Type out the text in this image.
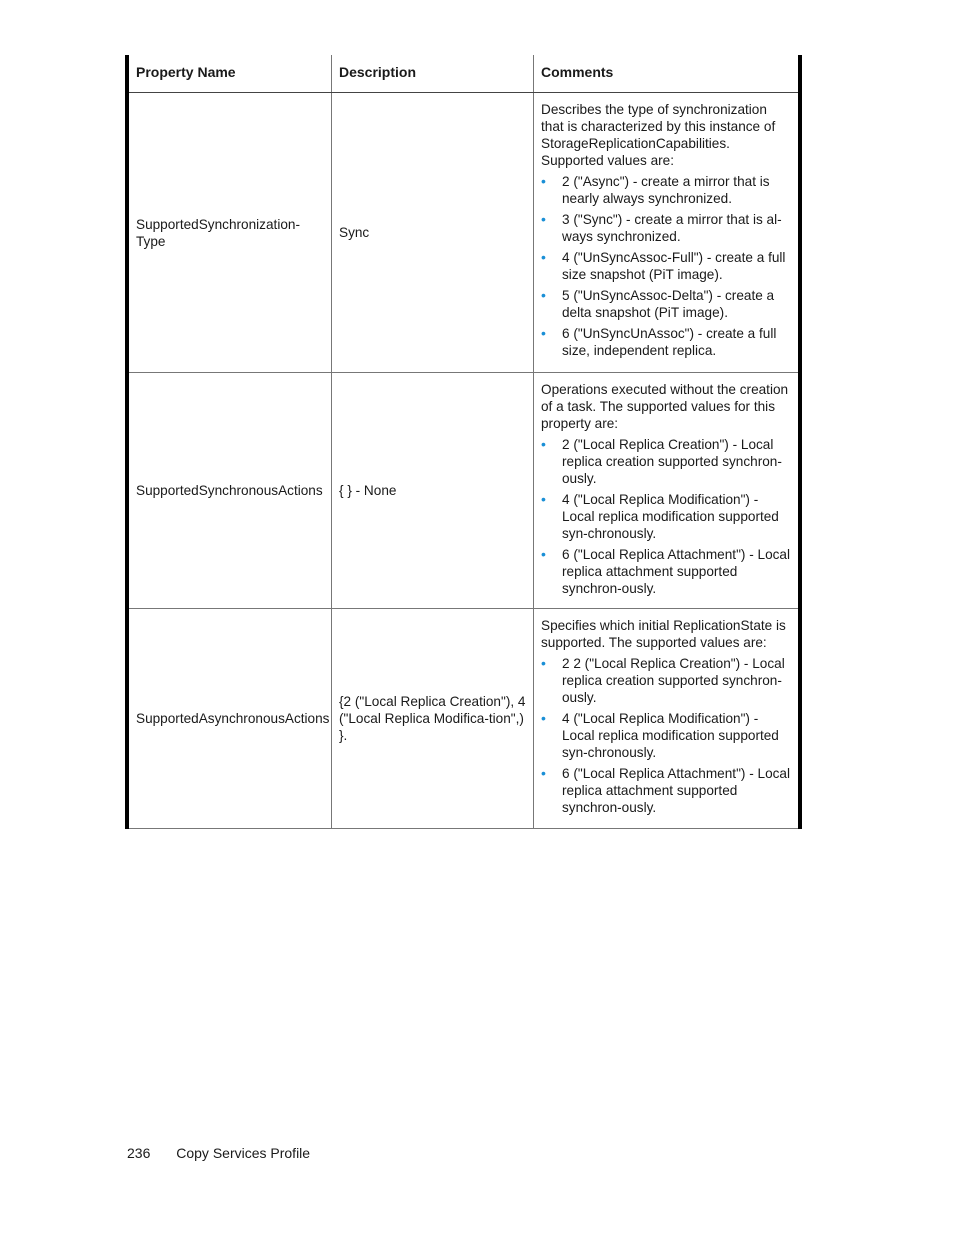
Property Name	Description	Comments
SupportedSynchronization-
Type
Sync

Describes the type of synchronization that is characterized by this instance of StorageReplicationCapabilities. Supported values are:

• 2 ("Async") - create a mirror that is nearly always synchronized.
• 3 ("Sync") - create a mirror that is al-ways synchronized.
• 4 ("UnSyncAssoc-Full") - create a full size snapshot (PiT image).
• 5 ("UnSyncAssoc-Delta") - create a delta snapshot (PiT image).
• 6 ("UnSyncUnAssoc") - create a full size, independent replica.
SupportedSynchronousActions { } - None

Operations executed without the creation of a task. The supported values for this property are:

• 2 ("Local Replica Creation") - Local replica creation supported synchron-ously.
• 4 ("Local Replica Modification") - Local replica modification supported syn-chronously.
• 6 ("Local Replica Attachment") - Local replica attachment supported synchron-ously.
SupportedAsynchronousActions
{2 ("Local Replica Creation"), 4 ("Local Replica Modifica-tion",) }.

Specifies which initial ReplicationState is supported. The supported values are:

• 2 2 ("Local Replica Creation") - Local replica creation supported synchron-ously.
• 4 ("Local Replica Modification") - Local replica modification supported syn-chronously.
• 6 ("Local Replica Attachment") - Local replica attachment supported synchron-ously.
236 Copy Services Profile
